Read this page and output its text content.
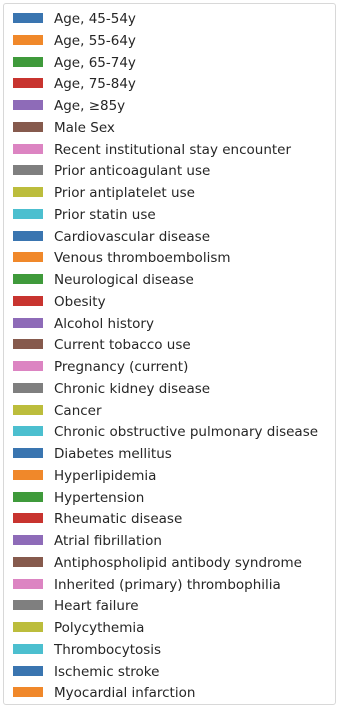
Age, 45-54y
Age, 55-64y
Age, 65-74y
Age, 75-84y
Age, ≥85y
Male Sex
Recent institutional stay encounter
Prior anticoagulant use
Prior antiplatelet use
Prior statin use
Cardiovascular disease
Venous thromboembolism
Neurological disease
Obesity
Alcohol history
Current tobacco use
Pregnancy (current)
Chronic kidney disease
Cancer
Chronic obstructive pulmonary disease
Diabetes mellitus
Hyperlipidemia
Hypertension
Rheumatic disease
Atrial fibrillation
Antiphospholipid antibody syndrome
Inherited (primary) thrombophilia
Heart failure
Polycythemia
Thrombocytosis
Ischemic stroke
Myocardial infarction
